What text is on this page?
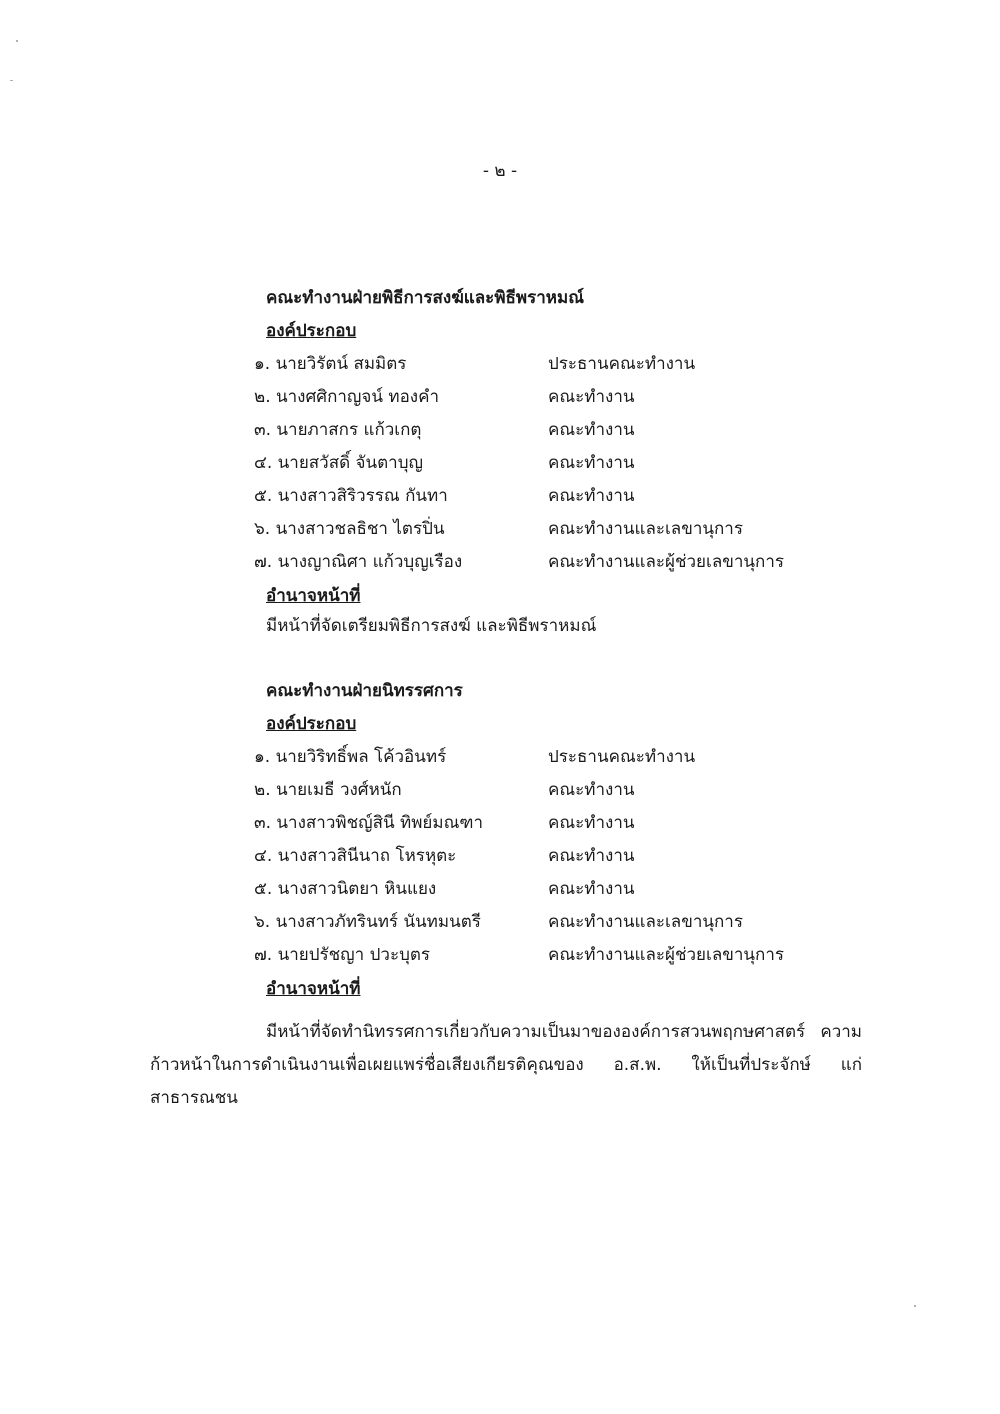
- ๒ -
คณะทำงานฝ่ายพิธีการสงฆ์และพิธีพราหมณ์
องค์ประกอบ
๑. นายวิรัตน์ สมมิตร	ประธานคณะทำงาน
๒. นางศศิกาญจน์ ทองคำ	คณะทำงาน
๓. นายภาสกร แก้วเกตุ	คณะทำงาน
๔. นายสวัสดิ์ จันตาบุญ	คณะทำงาน
๕. นางสาวสิริวรรณ กันทา	คณะทำงาน
๖. นางสาวชลธิชา ไตรปิ่น	คณะทำงานและเลขานุการ
๗. นางญาณิศา แก้วบุญเรือง	คณะทำงานและผู้ช่วยเลขานุการ
อำนาจหน้าที่
มีหน้าที่จัดเตรียมพิธีการสงฆ์ และพิธีพราหมณ์
คณะทำงานฝ่ายนิทรรศการ
องค์ประกอบ
๑. นายวิริทธิ์พล โค้วอินทร์	ประธานคณะทำงาน
๒. นายเมธี วงศ์หนัก	คณะทำงาน
๓. นางสาวพิชญ์สินี ทิพย์มณฑา	คณะทำงาน
๔. นางสาวสินีนาถ โหรหุตะ	คณะทำงาน
๕. นางสาวนิตยา หินแยง	คณะทำงาน
๖. นางสาวภัทรินทร์ นันทมนตรี	คณะทำงานและเลขานุการ
๗. นายปรัชญา ปวะบุตร	คณะทำงานและผู้ช่วยเลขานุการ
อำนาจหน้าที่
มีหน้าที่จัดทำนิทรรศการเกี่ยวกับความเป็นมาขององค์การสวนพฤกษศาสตร์ ความก้าวหน้าในการดำเนินงานเพื่อเผยแพร่ชื่อเสียงเกียรติคุณของ อ.ส.พ. ให้เป็นที่ประจักษ์ แก่สาธารณชน
